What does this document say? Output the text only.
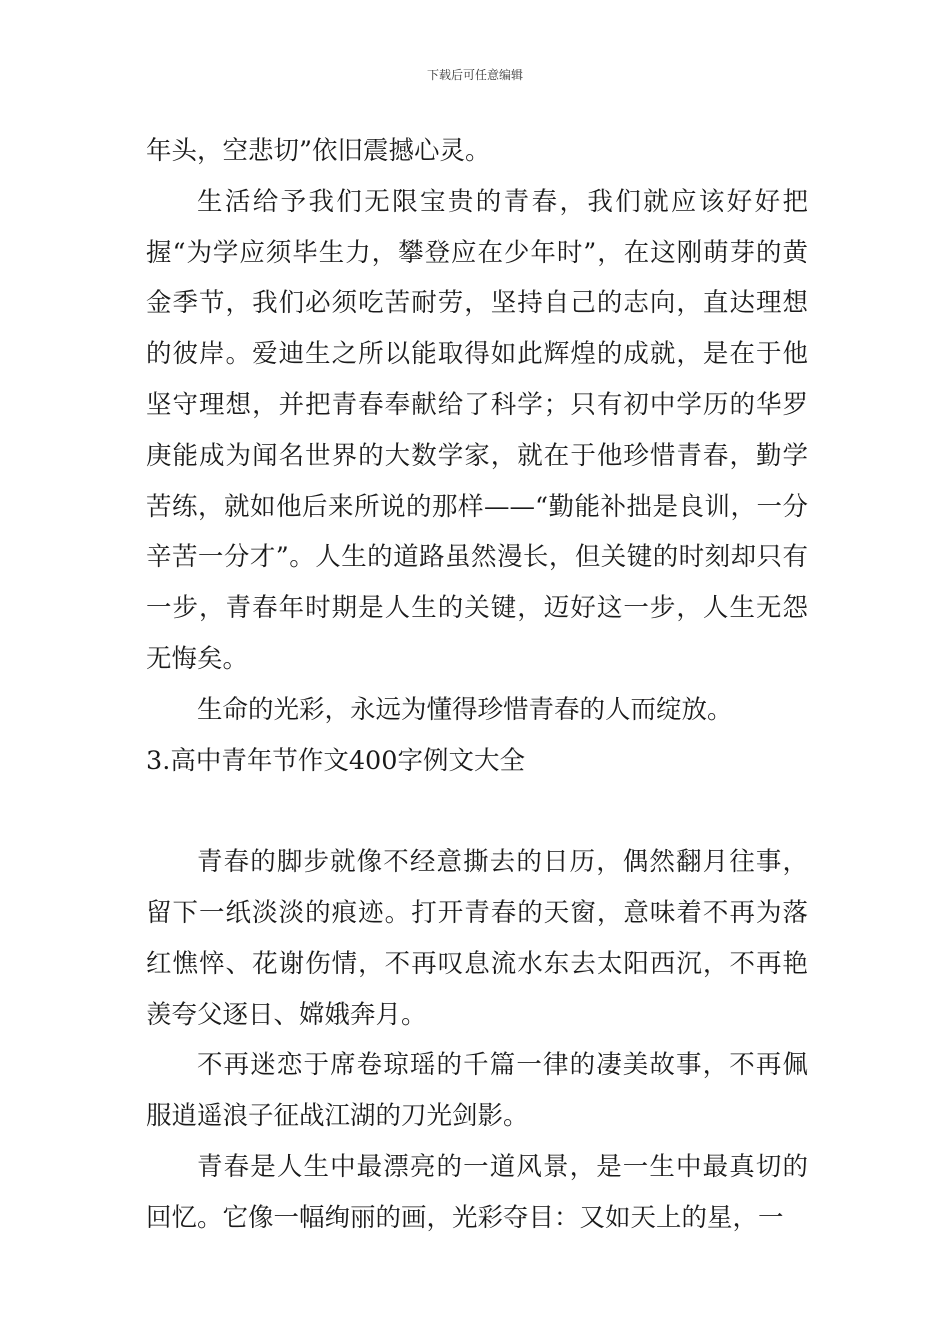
下载后可任意编辑

年头，空悲切”依旧震撼心灵。

生活给予我们无限宝贵的青春，我们就应该好好把握“为学应须毕生力，攀登应在少年时”，在这刚萌芽的黄金季节，我们必须吃苦耐劳，坚持自己的志向，直达理想的彼岸。爱迪生之所以能取得如此辉煌的成就，是在于他坚守理想，并把青春奉献给了科学；只有初中学历的华罗庚能成为闻名世界的大数学家，就在于他珍惜青春，勤学苦练，就如他后来所说的那样——“勤能补拙是良训，一分辛苦一分才”。人生的道路虽然漫长，但关键的时刻却只有一步，青春年时期是人生的关键，迈好这一步，人生无怨无悔矣。

生命的光彩，永远为懂得珍惜青春的人而绽放。

3.高中青年节作文400字例文大全

青春的脚步就像不经意撕去的日历，偶然翻月往事，留下一纸淡淡的痕迹。打开青春的天窗，意味着不再为落红憔悴、花谢伤情，不再叹息流水东去太阳西沉，不再艳羡夸父逐日、嫦娥奔月。

不再迷恋于席卷琼瑶的千篇一律的凄美故事，不再佩服逍遥浪子征战江湖的刀光剑影。

青春是人生中最漂亮的一道风景，是一生中最真切的回忆。它像一幅绚丽的画，光彩夺目：又如天上的星，一
